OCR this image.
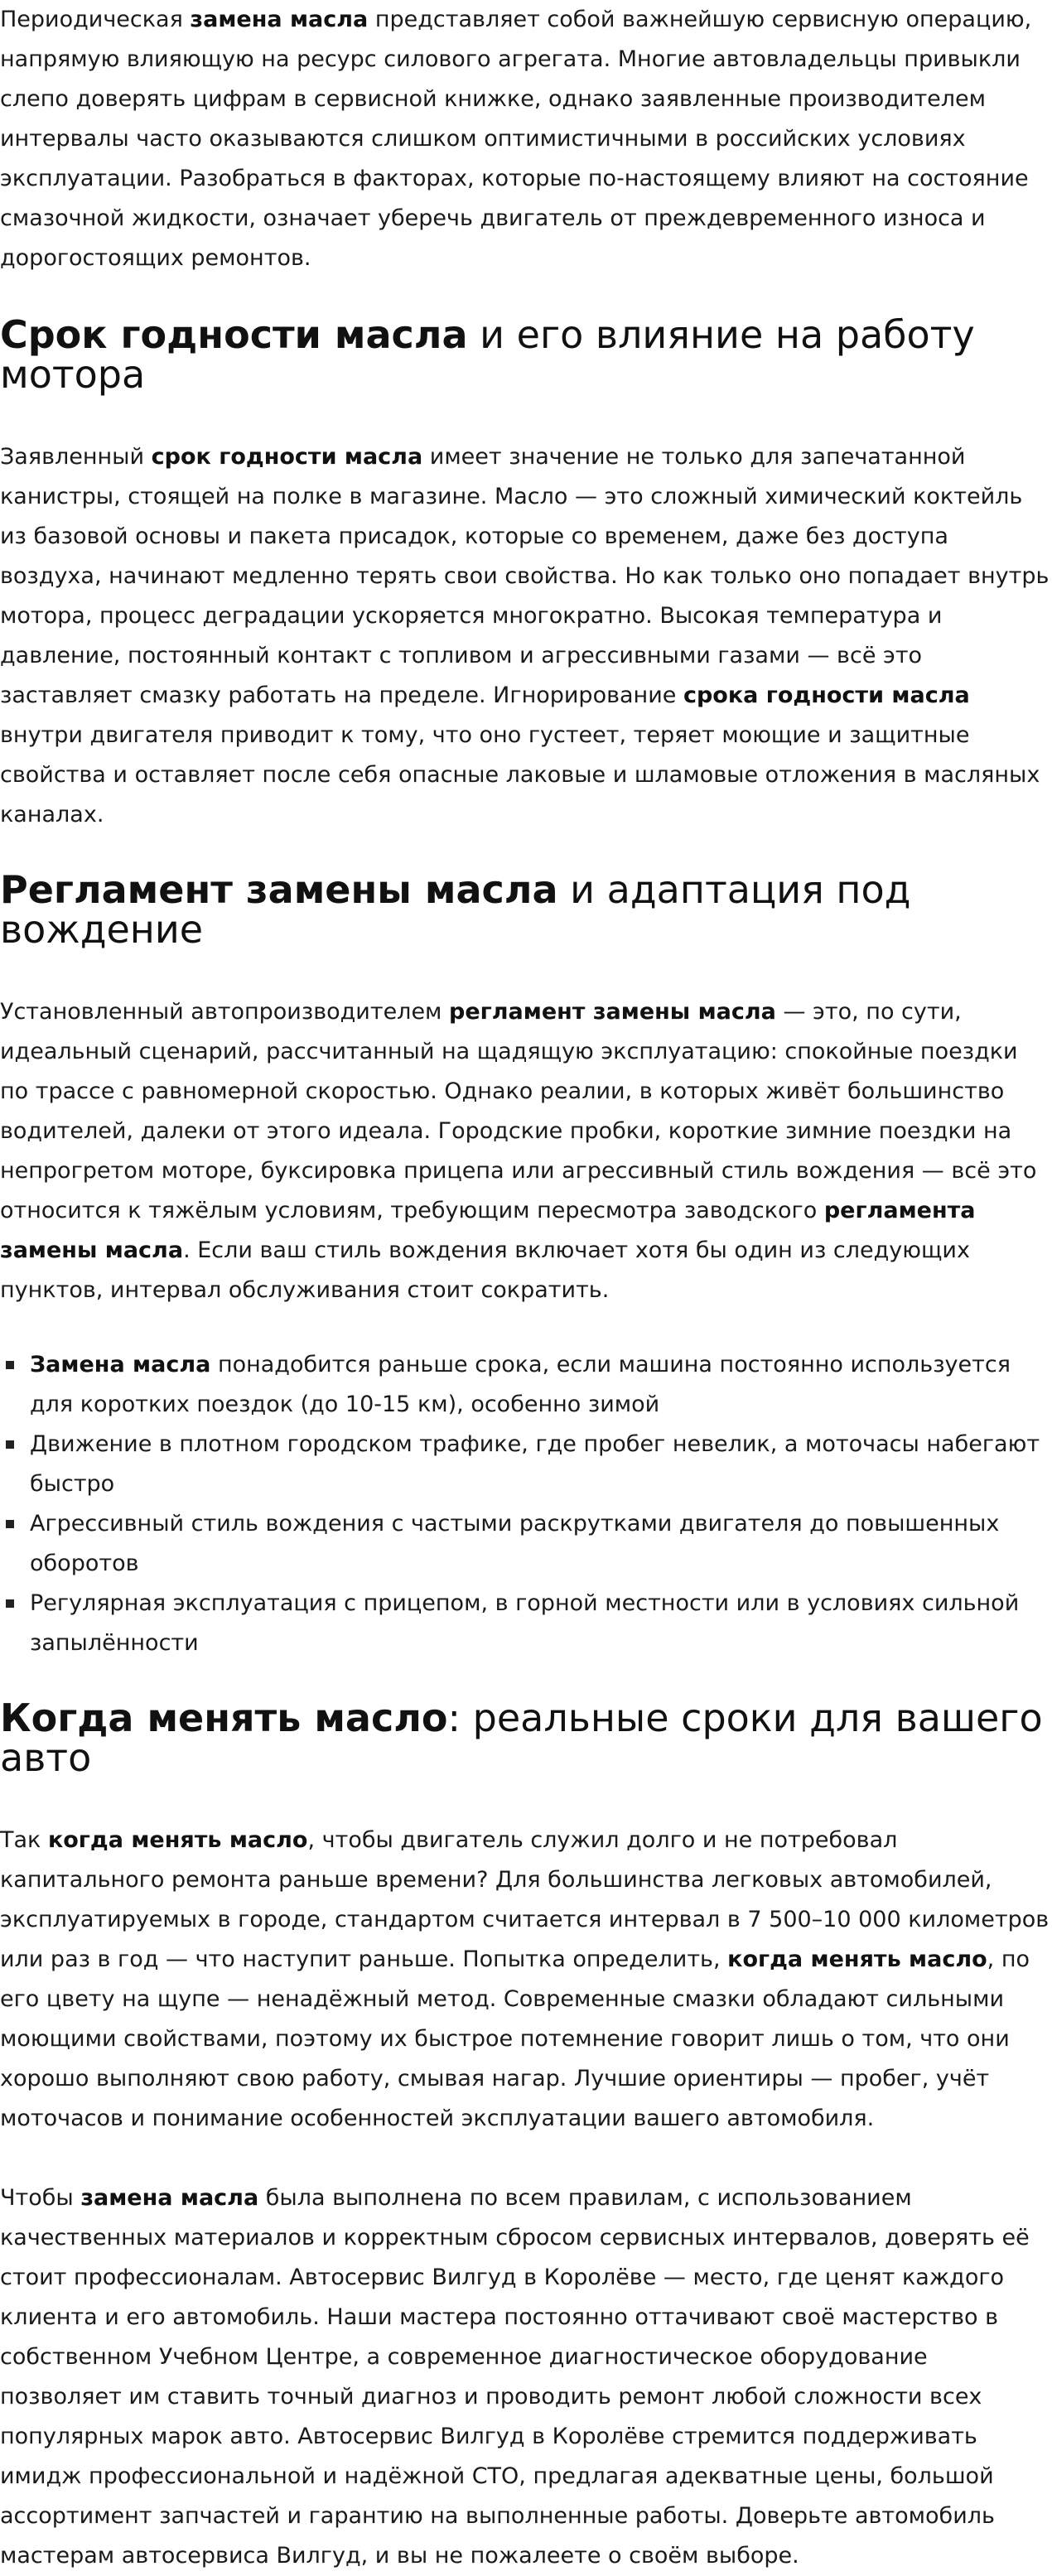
Периодическая замена масла представляет собой важнейшую сервисную операцию, напрямую влияющую на ресурс силового агрегата. Многие автовладельцы привыкли слепо доверять цифрам в сервисной книжке, однако заявленные производителем интервалы часто оказываются слишком оптимистичными в российских условиях эксплуатации. Разобраться в факторах, которые по-настоящему влияют на состояние смазочной жидкости, означает уберечь двигатель от преждевременного износа и дорогостоящих ремонтов.

Срок годности масла и его влияние на работу мотора

Заявленный срок годности масла имеет значение не только для запечатанной канистры, стоящей на полке в магазине. Масло — это сложный химический коктейль из базовой основы и пакета присадок, которые со временем, даже без доступа воздуха, начинают медленно терять свои свойства. Но как только оно попадает внутрь мотора, процесс деградации ускоряется многократно. Высокая температура и давление, постоянный контакт с топливом и агрессивными газами — всё это заставляет смазку работать на пределе. Игнорирование срока годности масла внутри двигателя приводит к тому, что оно густеет, теряет моющие и защитные свойства и оставляет после себя опасные лаковые и шламовые отложения в масляных каналах.

Регламент замены масла и адаптация под вождение

Установленный автопроизводителем регламент замены масла — это, по сути, идеальный сценарий, рассчитанный на щадящую эксплуатацию: спокойные поездки по трассе с равномерной скоростью. Однако реалии, в которых живёт большинство водителей, далеки от этого идеала. Городские пробки, короткие зимние поездки на непрогретом моторе, буксировка прицепа или агрессивный стиль вождения — всё это относится к тяжёлым условиям, требующим пересмотра заводского регламента замены масла. Если ваш стиль вождения включает хотя бы один из следующих пунктов, интервал обслуживания стоит сократить.

Замена масла понадобится раньше срока, если машина постоянно используется для коротких поездок (до 10-15 км), особенно зимой
Движение в плотном городском трафике, где пробег невелик, а моточасы набегают быстро
Агрессивный стиль вождения с частыми раскрутками двигателя до повышенных оборотов
Регулярная эксплуатация с прицепом, в горной местности или в условиях сильной запылённости
Когда менять масло: реальные сроки для вашего авто

Так когда менять масло, чтобы двигатель служил долго и не потребовал капитального ремонта раньше времени? Для большинства легковых автомобилей, эксплуатируемых в городе, стандартом считается интервал в 7 500–10 000 километров или раз в год — что наступит раньше. Попытка определить, когда менять масло, по его цвету на щупе — ненадёжный метод. Современные смазки обладают сильными моющими свойствами, поэтому их быстрое потемнение говорит лишь о том, что они хорошо выполняют свою работу, смывая нагар. Лучшие ориентиры — пробег, учёт моточасов и понимание особенностей эксплуатации вашего автомобиля.

Чтобы замена масла была выполнена по всем правилам, с использованием качественных материалов и корректным сбросом сервисных интервалов, доверять её стоит профессионалам. Автосервис Вилгуд в Королёве — место, где ценят каждого клиента и его автомобиль. Наши мастера постоянно оттачивают своё мастерство в собственном Учебном Центре, а современное диагностическое оборудование позволяет им ставить точный диагноз и проводить ремонт любой сложности всех популярных марок авто. Автосервис Вилгуд в Королёве стремится поддерживать имидж профессиональной и надёжной СТО, предлагая адекватные цены, большой ассортимент запчастей и гарантию на выполненные работы. Доверьте автомобиль мастерам автосервиса Вилгуд, и вы не пожалеете о своём выборе.
